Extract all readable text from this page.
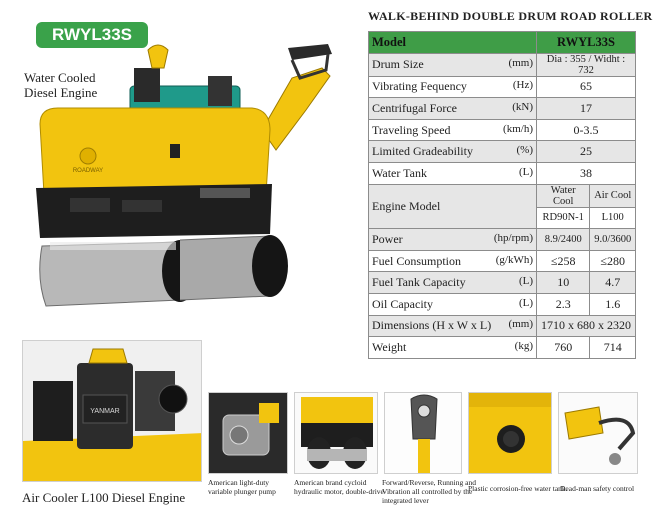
RWYL33S
ROADWAY
Water Cooled
Diesel Engine
WALK-BEHIND DOUBLE DRUM ROAD ROLLER
Model	RWYL33S	

Drum Size (mm)	Dia : 355 / Widht : 732	

Vibrating Fequency (Hz)	65	

Centrifugal Force (kN)	17	

Traveling Speed (km/h)	0-3.5	

Limited Gradeability (%)	25	

Water Tank (L)	38	
Engine Model	Water Cool	Air Cool
	RD90N-1	L100

Power (hp/rpm)	8.9/2400	9.0/3600

Fuel Consumption (g/kWh)	≤258	≤280

Fuel Tank Capacity (L)	10	4.7

Oil Capacity (L)	2.3	1.6

Dimensions (H x W x L) (mm)	1710 x 680 x 2320	

Weight (kg)	760	714
YANMAR
Air Cooler L100 Diesel Engine
American light-duty
variable plunger pump
American brand cycloid
hydraulic motor, double-drive
Forward/Reverse, Running and
Vibration all controlled by the
integrated lever
Plastic corrosion-free water tank.
Dead-man safety control
